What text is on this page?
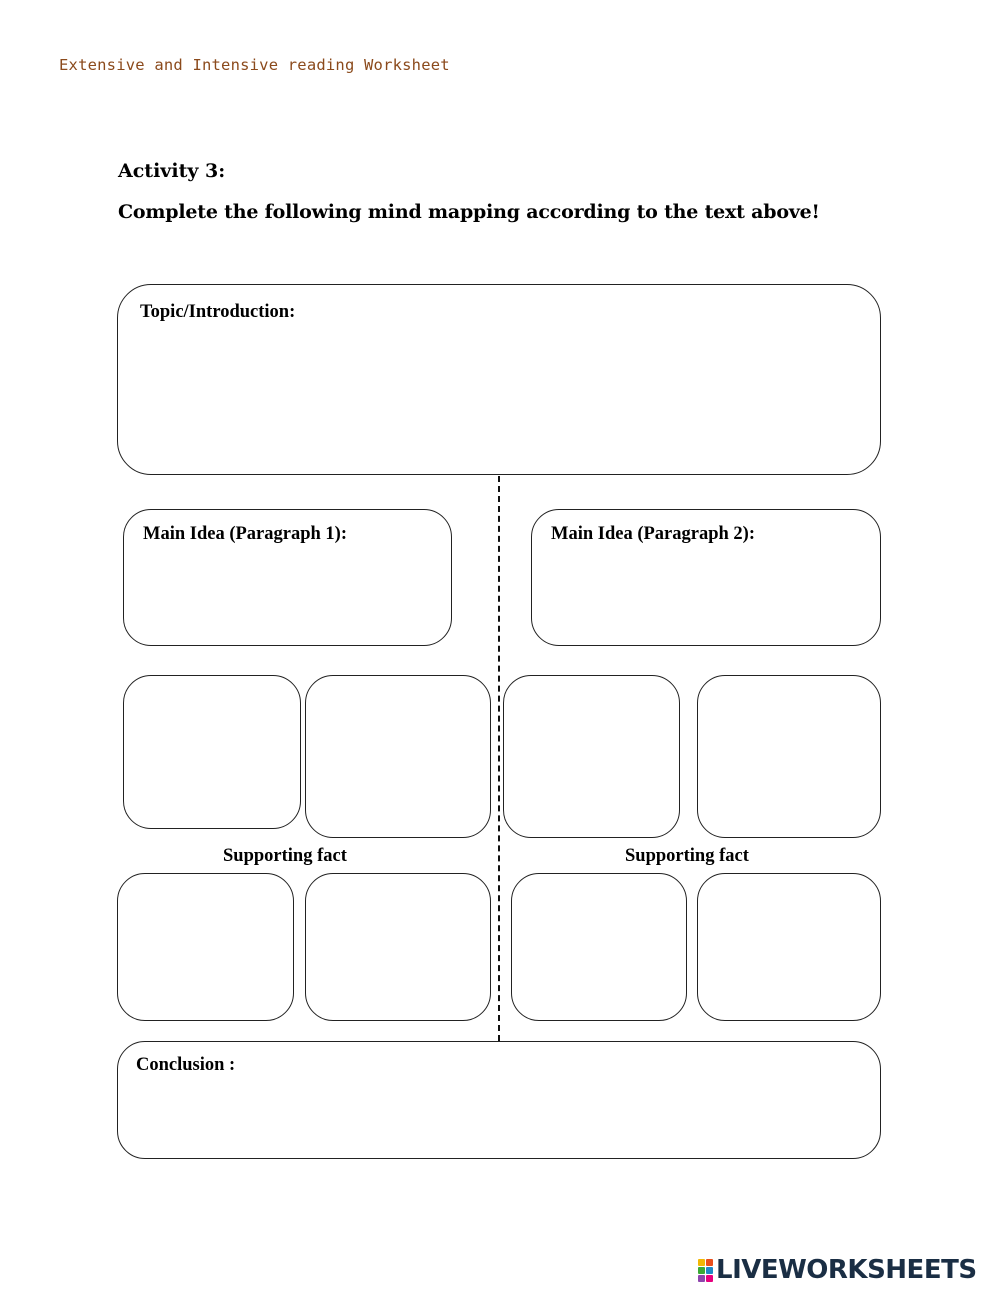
Extensive and Intensive reading Worksheet
Activity 3:
Complete the following mind mapping according to the text above!
Topic/Introduction:
Main Idea (Paragraph 1):	Main Idea (Paragraph 2):
Supporting fact	Supporting fact
Conclusion :
LIVEWORKSHEETS
